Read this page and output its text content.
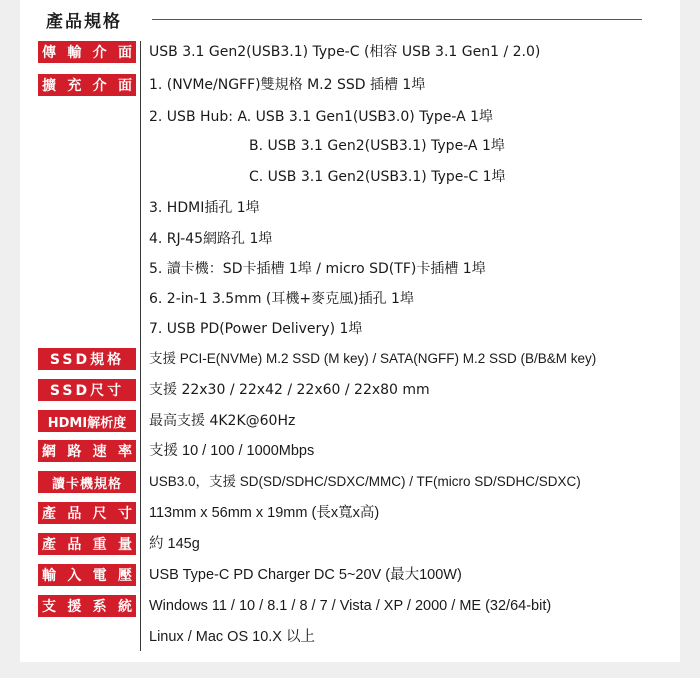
產品規格
傳 輸 介 面 USB 3.1 Gen2(USB3.1) Type-C (相容 USB 3.1 Gen1 / 2.0)
擴 充 介 面 1. (NVMe/NGFF)雙規格 M.2 SSD 插槽 1埠
2. USB Hub: A. USB 3.1 Gen1(USB3.0) Type-A 1埠
B. USB 3.1 Gen2(USB3.1) Type-A 1埠
C. USB 3.1 Gen2(USB3.1) Type-C 1埠
3. HDMI插孔 1埠
4. RJ-45網路孔 1埠
5. 讀卡機：SD卡插槽 1埠 / micro SD(TF)卡插槽 1埠
6. 2-in-1 3.5mm (耳機+麥克風)插孔 1埠
7. USB PD(Power Delivery) 1埠
SSD規格	支援 PCI-E(NVMe) M.2 SSD (M key) / SATA(NGFF) M.2 SSD (B/B&M key)
SSD尺寸	支援 22x30 / 22x42 / 22x60 / 22x80 mm
HDMI解析度 最高支援 4K2K@60Hz
網 路 速 率 支援 10 / 100 / 1000Mbps
讀卡機規格 USB3.0，支援 SD(SD/SDHC/SDXC/MMC) / TF(micro SD/SDHC/SDXC)
產 品 尺 寸 113mm x 56mm x 19mm (長x寬x高)
產 品 重 量 約 145g
輸 入 電 壓 USB Type-C PD Charger DC 5~20V (最大100W)
支 援 系 統 Windows 11 / 10 / 8.1 / 8 / 7 / Vista / XP / 2000 / ME (32/64-bit)
Linux / Mac OS 10.X 以上
